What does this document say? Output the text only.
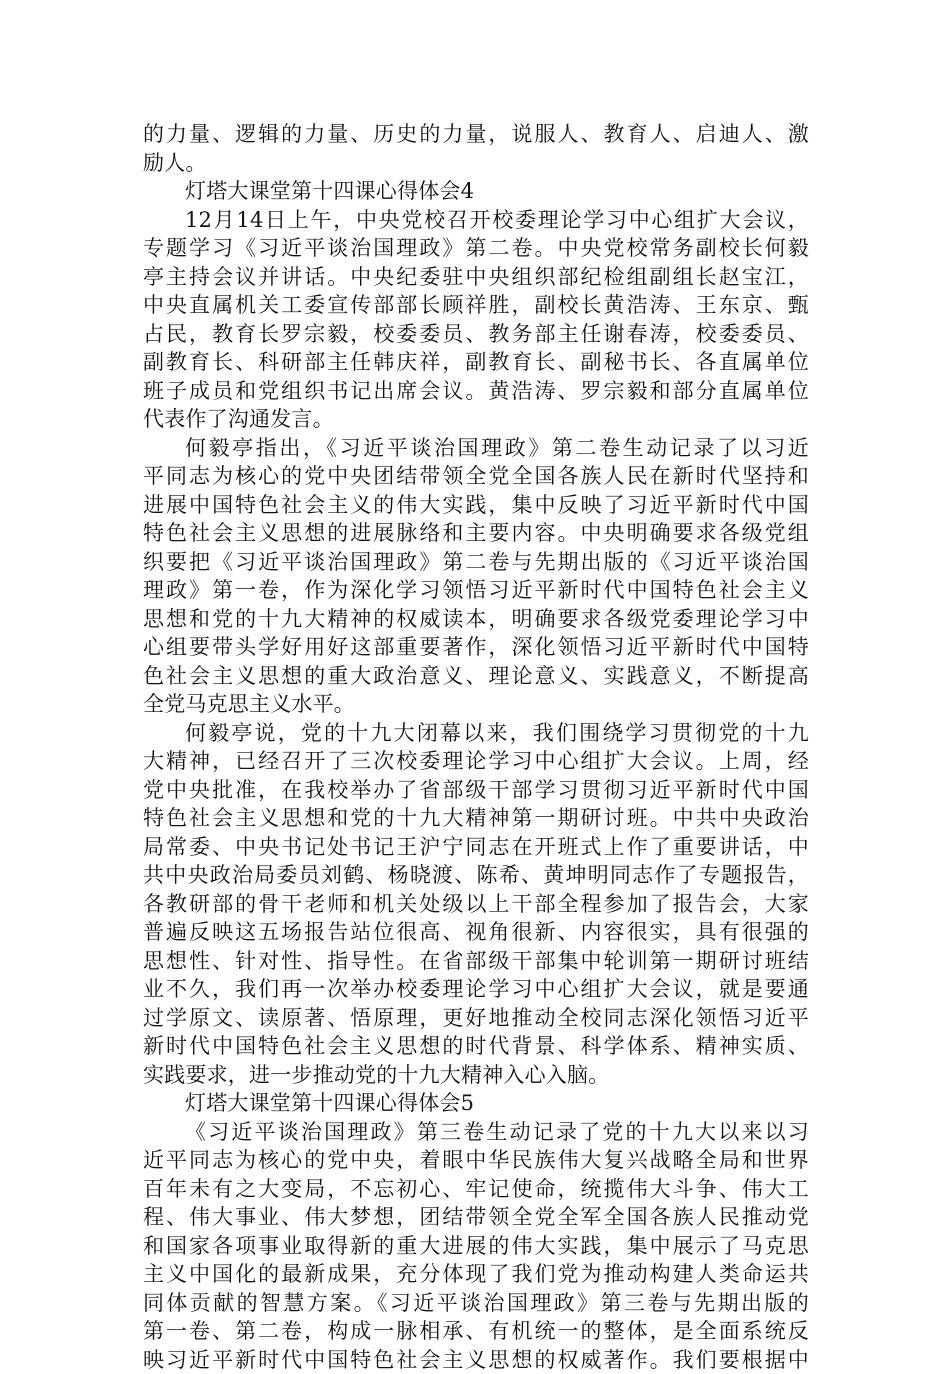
的力量、逻辑的力量、历史的力量，说服人、教育人、启迪人、激
励人。
灯塔大课堂第十四课心得体会4
12月14日上午，中央党校召开校委理论学习中心组扩大会议，
专题学习《习近平谈治国理政》第二卷。中央党校常务副校长何毅
亭主持会议并讲话。中央纪委驻中央组织部纪检组副组长赵宝江，
中央直属机关工委宣传部部长顾祥胜，副校长黄浩涛、王东京、甄
占民，教育长罗宗毅，校委委员、教务部主任谢春涛，校委委员、
副教育长、科研部主任韩庆祥，副教育长、副秘书长、各直属单位
班子成员和党组织书记出席会议。黄浩涛、罗宗毅和部分直属单位
代表作了沟通发言。
何毅亭指出，《习近平谈治国理政》第二卷生动记录了以习近
平同志为核心的党中央团结带领全党全国各族人民在新时代坚持和
进展中国特色社会主义的伟大实践，集中反映了习近平新时代中国
特色社会主义思想的进展脉络和主要内容。中央明确要求各级党组
织要把《习近平谈治国理政》第二卷与先期出版的《习近平谈治国
理政》第一卷，作为深化学习领悟习近平新时代中国特色社会主义
思想和党的十九大精神的权威读本，明确要求各级党委理论学习中
心组要带头学好用好这部重要著作，深化领悟习近平新时代中国特
色社会主义思想的重大政治意义、理论意义、实践意义，不断提高
全党马克思主义水平。
何毅亭说，党的十九大闭幕以来，我们围绕学习贯彻党的十九
大精神，已经召开了三次校委理论学习中心组扩大会议。上周，经
党中央批准，在我校举办了省部级干部学习贯彻习近平新时代中国
特色社会主义思想和党的十九大精神第一期研讨班。中共中央政治
局常委、中央书记处书记王沪宁同志在开班式上作了重要讲话，中
共中央政治局委员刘鹤、杨晓渡、陈希、黄坤明同志作了专题报告，
各教研部的骨干老师和机关处级以上干部全程参加了报告会，大家
普遍反映这五场报告站位很高、视角很新、内容很实，具有很强的
思想性、针对性、指导性。在省部级干部集中轮训第一期研讨班结
业不久，我们再一次举办校委理论学习中心组扩大会议，就是要通
过学原文、读原著、悟原理，更好地推动全校同志深化领悟习近平
新时代中国特色社会主义思想的时代背景、科学体系、精神实质、
实践要求，进一步推动党的十九大精神入心入脑。
灯塔大课堂第十四课心得体会5
《习近平谈治国理政》第三卷生动记录了党的十九大以来以习
近平同志为核心的党中央，着眼中华民族伟大复兴战略全局和世界
百年未有之大变局，不忘初心、牢记使命，统揽伟大斗争、伟大工
程、伟大事业、伟大梦想，团结带领全党全军全国各族人民推动党
和国家各项事业取得新的重大进展的伟大实践，集中展示了马克思
主义中国化的最新成果，充分体现了我们党为推动构建人类命运共
同体贡献的智慧方案。《习近平谈治国理政》第三卷与先期出版的
第一卷、第二卷，构成一脉相承、有机统一的整体，是全面系统反
映习近平新时代中国特色社会主义思想的权威著作。我们要根据中
